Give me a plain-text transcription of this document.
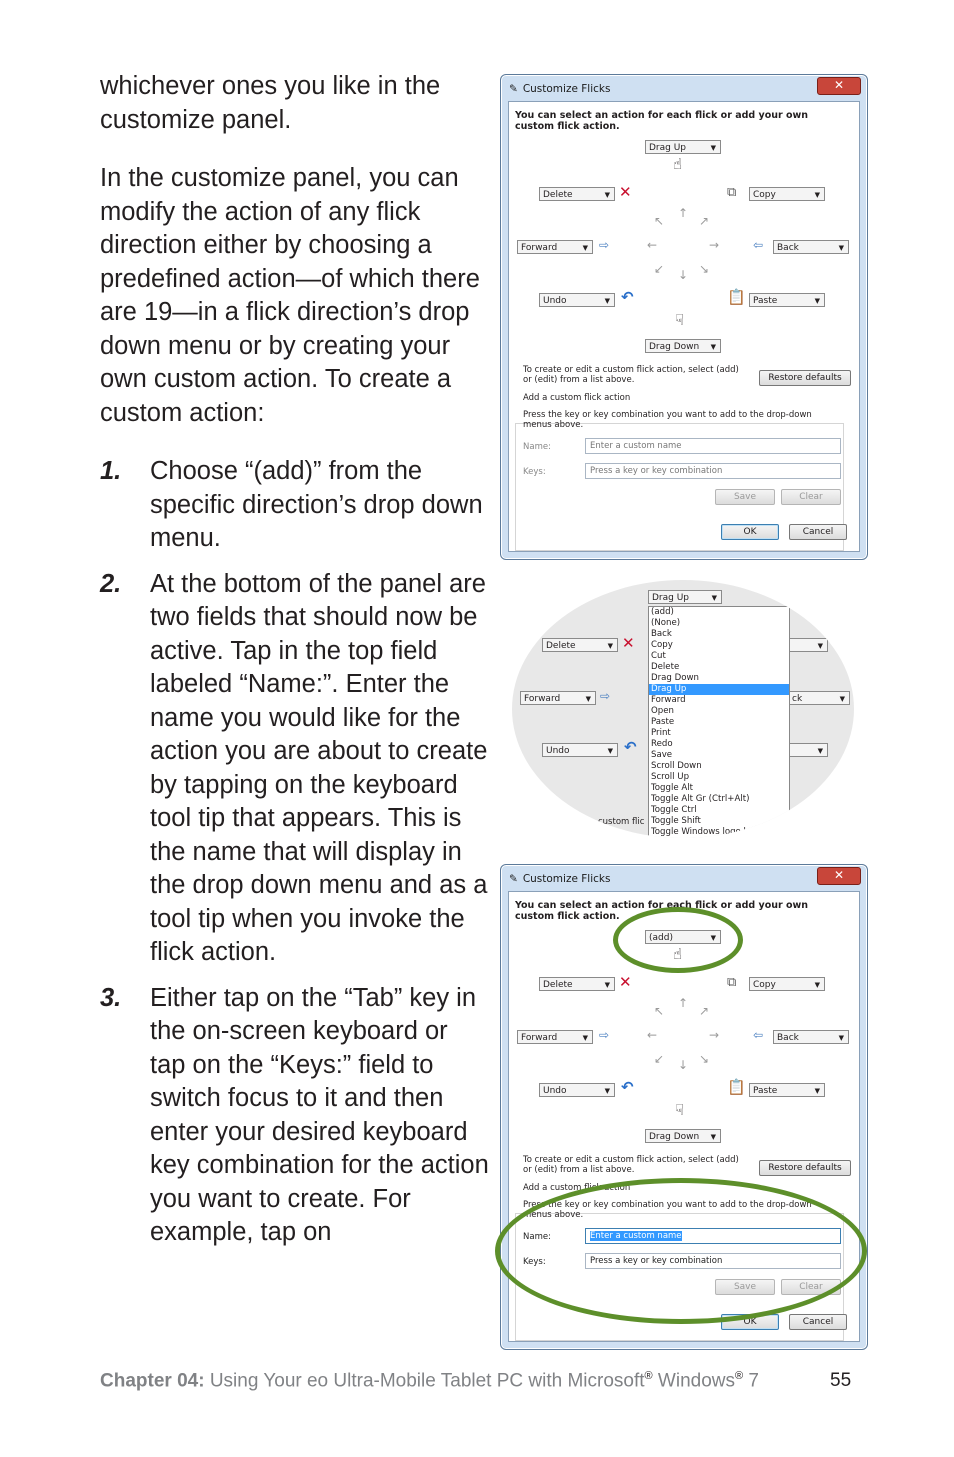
whichever ones you like in the customize panel.

In the customize panel, you can modify the action of any flick direction either by choosing a predefined action—of which there are 19—in a flick direction’s drop down menu or by creating your own custom action. To create a custom action:

1.	Choose “(add)” from the specific direction’s drop down menu.
2.	At the bottom of the panel are two fields that should now be active. Tap in the top field labeled “Name:”. Enter the name you would like for the action you are about to create by tapping on the keyboard tool tip that appears. This is the name that will display in the drop down menu and as a tool tip when you invoke the flick action.
3.	Either tap on the “Tab” key in the on-screen keyboard or tap on the “Keys:” field to switch focus to it and then enter your desired keyboard key combination for the action you want to create. For example, tap on
✎ Customize Flicks	✕
You can select an action for each flick or add your own custom flick action.
Drag Up	▼
☝
Delete	▼ ✕	⧉	Copy	▼
↑
↖	↗
Forward	▼ ⇨	←	→	⇦	Back	▼
↙	↘
↓
Undo	▼ ↶	📋 Paste	▼
☟
Drag Down ▼
To create or edit a custom flick action, select (add) or (edit) from a list above.	Restore defaults
Add a custom flick action
Press the key or key combination you want to add to the drop-down menus above.
Name:	Enter a custom name
Keys:	Press a key or key combination
Save	Clear
OK	Cancel
Drag Up	▼
Delete	▼ ✕	▼
Forward	▼ ⇨	ck	▼
Undo	▼ ↶	▼
custom flic
(add)
(None)
Back
Copy
Cut
Delete
Drag Down
Drag Up
Forward
Open
Paste
Print
Redo
Save
Scroll Down
Scroll Up
Toggle Alt
Toggle Alt Gr (Ctrl+Alt)
Toggle Ctrl
Toggle Shift
Toggle Windows logo k…
✎ Customize Flicks	✕
You can select an action for each flick or add your own custom flick action.
(add)	▼
☝
Delete	▼ ✕	⧉	Copy	▼
↑
↖	↗
Forward	▼ ⇨	←	→	⇦	Back	▼
↙	↘
↓
Undo	▼ ↶	📋 Paste	▼
☟
Drag Down ▼
To create or edit a custom flick action, select (add) or (edit) from a list above.	Restore defaults
Add a custom flick action
Press the key or key combination you want to add to the drop-down menus above.
Name:	Enter a custom name
Keys:	Press a key or key combination
Save	Clear
OK	Cancel
Chapter 04: Using Your eo Ultra-Mobile Tablet PC with Microsoft® Windows® 7	55
